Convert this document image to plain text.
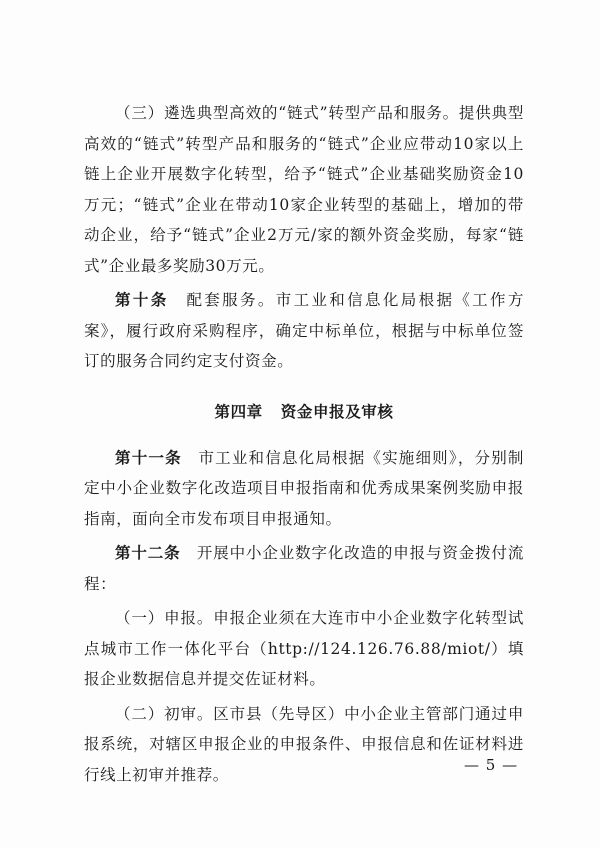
（三）遴选典型高效的“链式”转型产品和服务。提供典型高效的“链式”转型产品和服务的“链式”企业应带动10家以上链上企业开展数字化转型，给予“链式”企业基础奖励资金10万元；“链式”企业在带动10家企业转型的基础上，增加的带动企业，给予“链式”企业2万元/家的额外资金奖励，每家“链式”企业最多奖励30万元。

第十条  配套服务。市工业和信息化局根据《工作方案》，履行政府采购程序，确定中标单位，根据与中标单位签订的服务合同约定支付资金。

第四章 资金申报及审核

第十一条  市工业和信息化局根据《实施细则》，分别制定中小企业数字化改造项目申报指南和优秀成果案例奖励申报指南，面向全市发布项目申报通知。

第十二条  开展中小企业数字化改造的申报与资金拨付流程：

（一）申报。申报企业须在大连市中小企业数字化转型试点城市工作一体化平台（http://124.126.76.88/miot/）填报企业数据信息并提交佐证材料。

（二）初审。区市县（先导区）中小企业主管部门通过申报系统，对辖区申报企业的申报条件、申报信息和佐证材料进行线上初审并推荐。

— 5 —
